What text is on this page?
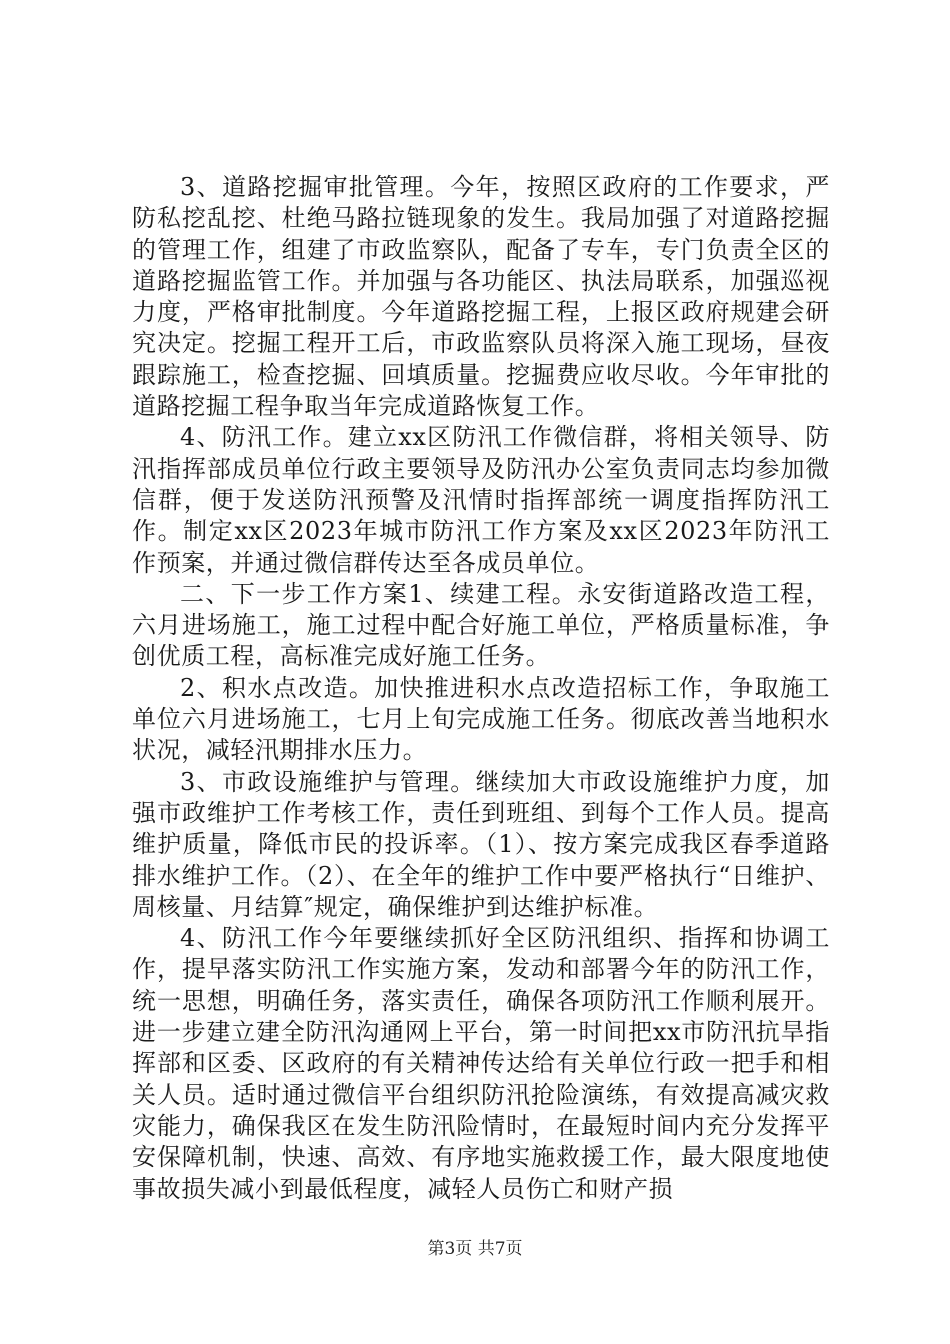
3、道路挖掘审批管理。今年，按照区政府的工作要求，严防私挖乱挖、杜绝马路拉链现象的发生。我局加强了对道路挖掘的管理工作，组建了市政监察队，配备了专车，专门负责全区的道路挖掘监管工作。并加强与各功能区、执法局联系，加强巡视力度，严格审批制度。今年道路挖掘工程，上报区政府规建会研究决定。挖掘工程开工后，市政监察队员将深入施工现场，昼夜跟踪施工，检查挖掘、回填质量。挖掘费应收尽收。今年审批的道路挖掘工程争取当年完成道路恢复工作。

4、防汛工作。建立xx区防汛工作微信群，将相关领导、防汛指挥部成员单位行政主要领导及防汛办公室负责同志均参加微信群，便于发送防汛预警及汛情时指挥部统一调度指挥防汛工作。制定xx区2023年城市防汛工作方案及xx区2023年防汛工作预案，并通过微信群传达至各成员单位。

二、下一步工作方案1、续建工程。永安街道路改造工程，六月进场施工，施工过程中配合好施工单位，严格质量标准，争创优质工程，高标准完成好施工任务。

2、积水点改造。加快推进积水点改造招标工作，争取施工单位六月进场施工，七月上旬完成施工任务。彻底改善当地积水状况，减轻汛期排水压力。

3、市政设施维护与管理。继续加大市政设施维护力度，加强市政维护工作考核工作，责任到班组、到每个工作人员。提高维护质量，降低市民的投诉率。（1）、按方案完成我区春季道路排水维护工作。（2）、在全年的维护工作中要严格执行“日维护、周核量、月结算″规定，确保维护到达维护标准。

4、防汛工作今年要继续抓好全区防汛组织、指挥和协调工作，提早落实防汛工作实施方案，发动和部署今年的防汛工作，统一思想，明确任务，落实责任，确保各项防汛工作顺利展开。进一步建立建全防汛沟通网上平台，第一时间把xx市防汛抗旱指挥部和区委、区政府的有关精神传达给有关单位行政一把手和相关人员。适时通过微信平台组织防汛抢险演练，有效提高减灾救灾能力，确保我区在发生防汛险情时，在最短时间内充分发挥平安保障机制，快速、高效、有序地实施救援工作，最大限度地使事故损失减小到最低程度，减轻人员伤亡和财产损

第3页 共7页
